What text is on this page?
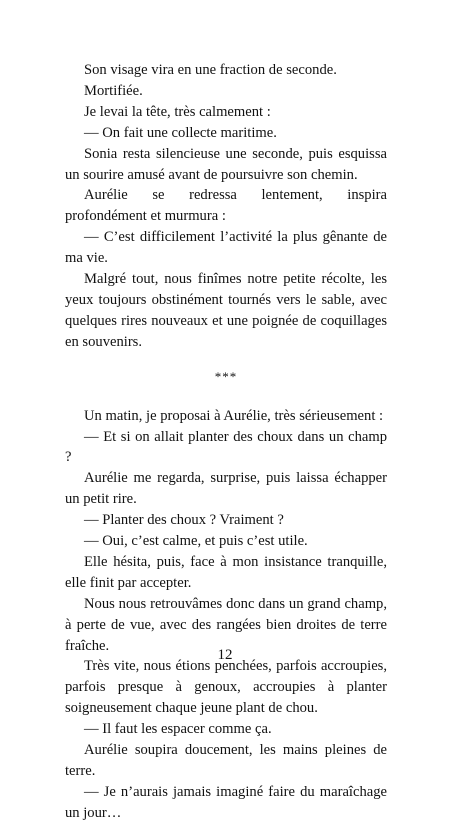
Son visage vira en une fraction de seconde.

Mortifiée.

Je levai la tête, très calmement :

— On fait une collecte maritime.

Sonia resta silencieuse une seconde, puis esquissa un sourire amusé avant de poursuivre son chemin.

Aurélie se redressa lentement, inspira profondément et murmura :

— C’est difficilement l’activité la plus gênante de ma vie.

Malgré tout, nous finîmes notre petite récolte, les yeux toujours obstinément tournés vers le sable, avec quelques rires nouveaux et une poignée de coquillages en souvenirs.

***

Un matin, je proposai à Aurélie, très sérieusement :

— Et si on allait planter des choux dans un champ ?

Aurélie me regarda, surprise, puis laissa échapper un petit rire.

— Planter des choux ? Vraiment ?

— Oui, c’est calme, et puis c’est utile.

Elle hésita, puis, face à mon insistance tranquille, elle finit par accepter.

Nous nous retrouvâmes donc dans un grand champ, à perte de vue, avec des rangées bien droites de terre fraîche.

Très vite, nous étions penchées, parfois accroupies, parfois presque à genoux, accroupies à planter soigneusement chaque jeune plant de chou.

— Il faut les espacer comme ça.

Aurélie soupira doucement, les mains pleines de terre.

— Je n’aurais jamais imaginé faire du maraîchage un jour…

12
